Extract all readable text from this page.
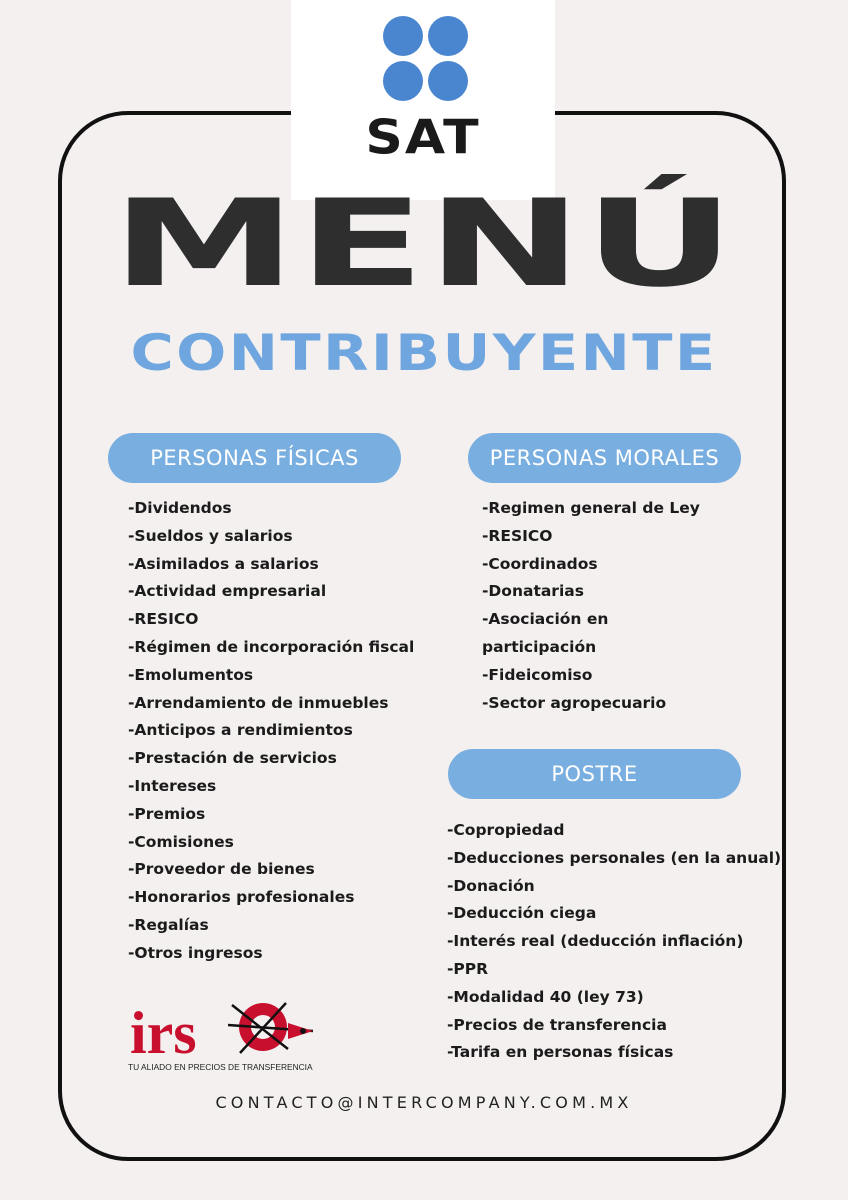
SAT
MENÚ
CONTRIBUYENTE
PERSONAS FÍSICAS	PERSONAS MORALES
POSTRE
-Dividendos
-Sueldos y salarios
-Asimilados a salarios
-Actividad empresarial
-RESICO
-Régimen de incorporación fiscal
-Emolumentos
-Arrendamiento de inmuebles
-Anticipos a rendimientos
-Prestación de servicios
-Intereses
-Premios
-Comisiones
-Proveedor de bienes
-Honorarios profesionales
-Regalías
-Otros ingresos
-Regimen general de Ley
-RESICO
-Coordinados
-Donatarias
-Asociación en
participación
-Fideicomiso
-Sector agropecuario
-Copropiedad
-Deducciones personales (en la anual)
-Donación
-Deducción ciega
-Interés real (deducción inflación)
-PPR
-Modalidad 40 (ley 73)
-Precios de transferencia
-Tarifa en personas físicas
irs
TU ALIADO EN PRECIOS DE TRANSFERENCIA
CONTACTO@INTERCOMPANY.COM.MX
